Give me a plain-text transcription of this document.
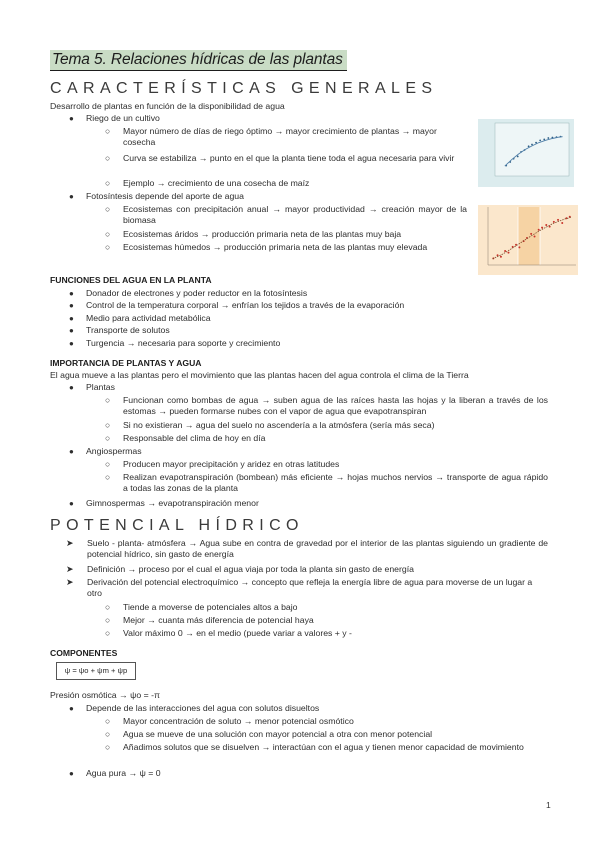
Tema 5. Relaciones hídricas de las plantas
CARACTERÍSTICAS GENERALES
Desarrollo de plantas en función de la disponibilidad de agua
● Riego de un cultivo
○ Mayor número de días de riego óptimo → mayor crecimiento de plantas → mayor cosecha
○ Curva se estabiliza → punto en el que la planta tiene toda el agua necesaria para vivir
○ Ejemplo → crecimiento de una cosecha de maíz
● Fotosíntesis depende del aporte de agua
○ Ecosistemas con precipitación anual → mayor productividad → creación mayor de la biomasa
○ Ecosistemas áridos → producción primaria neta de las plantas muy baja
○ Ecosistemas húmedos → producción primaria neta de las plantas muy elevada
FUNCIONES DEL AGUA EN LA PLANTA
● Donador de electrones y poder reductor en la fotosíntesis
● Control de la temperatura corporal → enfrían los tejidos a través de la evaporación
● Medio para actividad metabólica
● Transporte de solutos
● Turgencia → necesaria para soporte y crecimiento
IMPORTANCIA DE PLANTAS Y AGUA
El agua mueve a las plantas pero el movimiento que las plantas hacen del agua controla el clima de la Tierra
● Plantas
○ Funcionan como bombas de agua → suben agua de las raíces hasta las hojas y la liberan a través de los estomas → pueden formarse nubes con el vapor de agua que evapotranspiran
○ Si no existieran → agua del suelo no ascendería a la atmósfera (sería más seca)
○ Responsable del clima de hoy en día
● Angiospermas
○ Producen mayor precipitación y aridez en otras latitudes
○ Realizan evapotranspiración (bombean) más eficiente → hojas muchos nervios → transporte de agua rápido a todas las zonas de la planta
● Gimnospermas → evapotranspiración menor
POTENCIAL HÍDRICO
➤ Suelo - planta- atmósfera → Agua sube en contra de gravedad por el interior de las plantas siguiendo un gradiente de potencial hídrico, sin gasto de energía
➤ Definición → proceso por el cual el agua viaja por toda la planta sin gasto de energía
➤ Derivación del potencial electroquímico → concepto que refleja la energía libre de agua para moverse de un lugar a otro
○ Tiende a moverse de potenciales altos a bajo
○ Mejor → cuanta más diferencia de potencial haya
○ Valor máximo 0 → en el medio (puede variar a valores + y -
COMPONENTES
ψ = ψo + ψm + ψp
Presión osmótica → ψo = -π
● Depende de las interacciones del agua con solutos disueltos
○ Mayor concentración de soluto → menor potencial osmótico
○ Agua se mueve de una solución con mayor potencial a otra con menor potencial
○ Añadimos solutos que se disuelven → interactúan con el agua y tienen menor capacidad de movimiento
● Agua pura → ψ = 0
1
